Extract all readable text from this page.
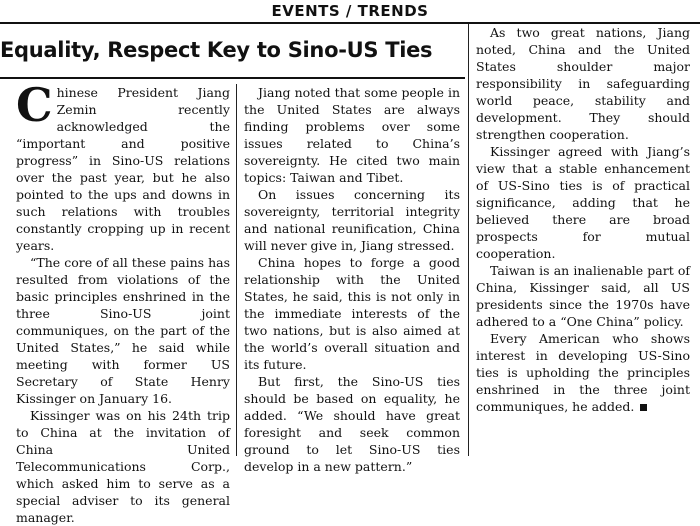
EVENTS / TRENDS
Equality, Respect Key to Sino-US Ties

Chinese President Jiang Zemin recently acknowledged the “important and positive progress” in Sino-US relations over the past year, but he also pointed to the ups and downs in such relations with troubles constantly cropping up in recent years.

“The core of all these pains has resulted from violations of the basic principles enshrined in the three Sino-US joint communiques, on the part of the United States,” he said while meeting with former US Secretary of State Henry Kissinger on January 16.

Kissinger was on his 24th trip to China at the invitation of China United Telecommunications Corp., which asked him to serve as a special adviser to its general manager.

Jiang noted that some people in the United States are always finding problems over some issues related to China’s sovereignty. He cited two main topics: Taiwan and Tibet.

On issues concerning its sovereignty, territorial integrity and national reunification, China will never give in, Jiang stressed.

China hopes to forge a good relationship with the United States, he said, this is not only in the immediate interests of the two nations, but is also aimed at the world’s overall situation and its future.

But first, the Sino-US ties should be based on equality, he added. “We should have great foresight and seek common ground to let Sino-US ties develop in a new pattern.”

As two great nations, Jiang noted, China and the United States shoulder major responsibility in safeguarding world peace, stability and development. They should strengthen cooperation.

Kissinger agreed with Jiang’s view that a stable enhancement of US-Sino ties is of practical significance, adding that he believed there are broad prospects for mutual cooperation.

Taiwan is an inalienable part of China, Kissinger said, all US presidents since the 1970s have adhered to a “One China” policy.

Every American who shows interest in developing US-Sino ties is upholding the principles enshrined in the three joint communiques, he added.
